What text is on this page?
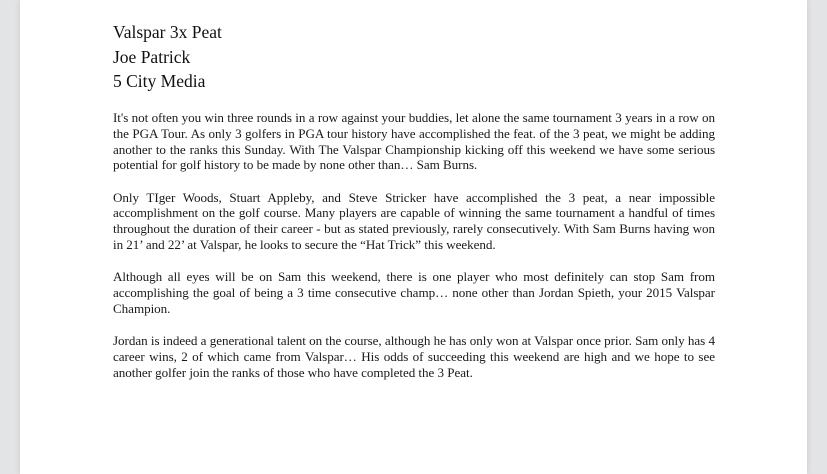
Valspar 3x Peat
Joe Patrick
5 City Media

It's not often you win three rounds in a row against your buddies, let alone the same tournament 3 years in a row on the PGA Tour. As only 3 golfers in PGA tour history have accomplished the feat. of the 3 peat, we might be adding another to the ranks this Sunday. With The Valspar Championship kicking off this weekend we have some serious potential for golf history to be made by none other than… Sam Burns.

Only TIger Woods, Stuart Appleby, and Steve Stricker have accomplished the 3 peat, a near impossible accomplishment on the golf course. Many players are capable of winning the same tournament a handful of times throughout the duration of their career - but as stated previously, rarely consecutively. With Sam Burns having won in 21’ and 22’ at Valspar, he looks to secure the “Hat Trick” this weekend.

Although all eyes will be on Sam this weekend, there is one player who most definitely can stop Sam from accomplishing the goal of being a 3 time consecutive champ… none other than Jordan Spieth, your 2015 Valspar Champion.

Jordan is indeed a generational talent on the course, although he has only won at Valspar once prior. Sam only has 4 career wins, 2 of which came from Valspar… His odds of succeeding this weekend are high and we hope to see another golfer join the ranks of those who have completed the 3 Peat.
